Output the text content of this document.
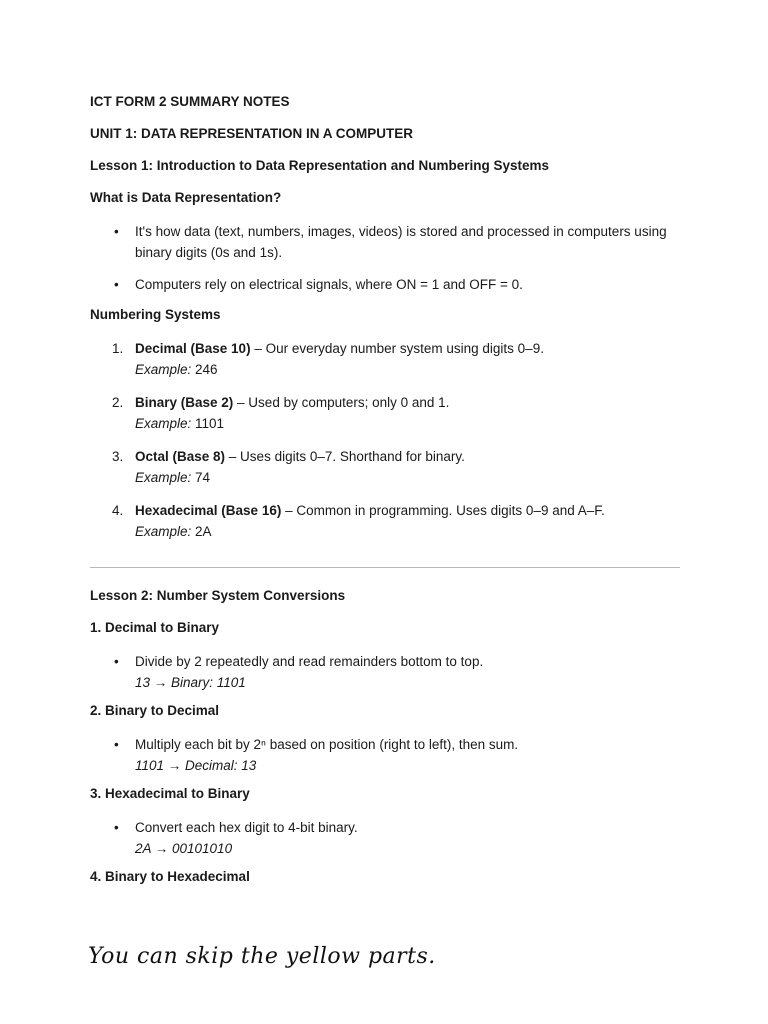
ICT FORM 2 SUMMARY NOTES

UNIT 1: DATA REPRESENTATION IN A COMPUTER

Lesson 1: Introduction to Data Representation and Numbering Systems

What is Data Representation?

• It's how data (text, numbers, images, videos) is stored and processed in computers using binary digits (0s and 1s).
• Computers rely on electrical signals, where ON = 1 and OFF = 0.

Numbering Systems

1. Decimal (Base 10) – Our everyday number system using digits 0–9.
Example: 246
2. Binary (Base 2) – Used by computers; only 0 and 1.
Example: 1101
3. Octal (Base 8) – Uses digits 0–7. Shorthand for binary.
Example: 74
4. Hexadecimal (Base 16) – Common in programming. Uses digits 0–9 and A–F.
Example: 2A

Lesson 2: Number System Conversions

1. Decimal to Binary

• Divide by 2 repeatedly and read remainders bottom to top.
13 → Binary: 1101

2. Binary to Decimal

• Multiply each bit by 2ⁿ based on position (right to left), then sum.
1101 → Decimal: 13

3. Hexadecimal to Binary

• Convert each hex digit to 4-bit binary.
2A → 00101010

4. Binary to Hexadecimal

You can skip the yellow parts.
